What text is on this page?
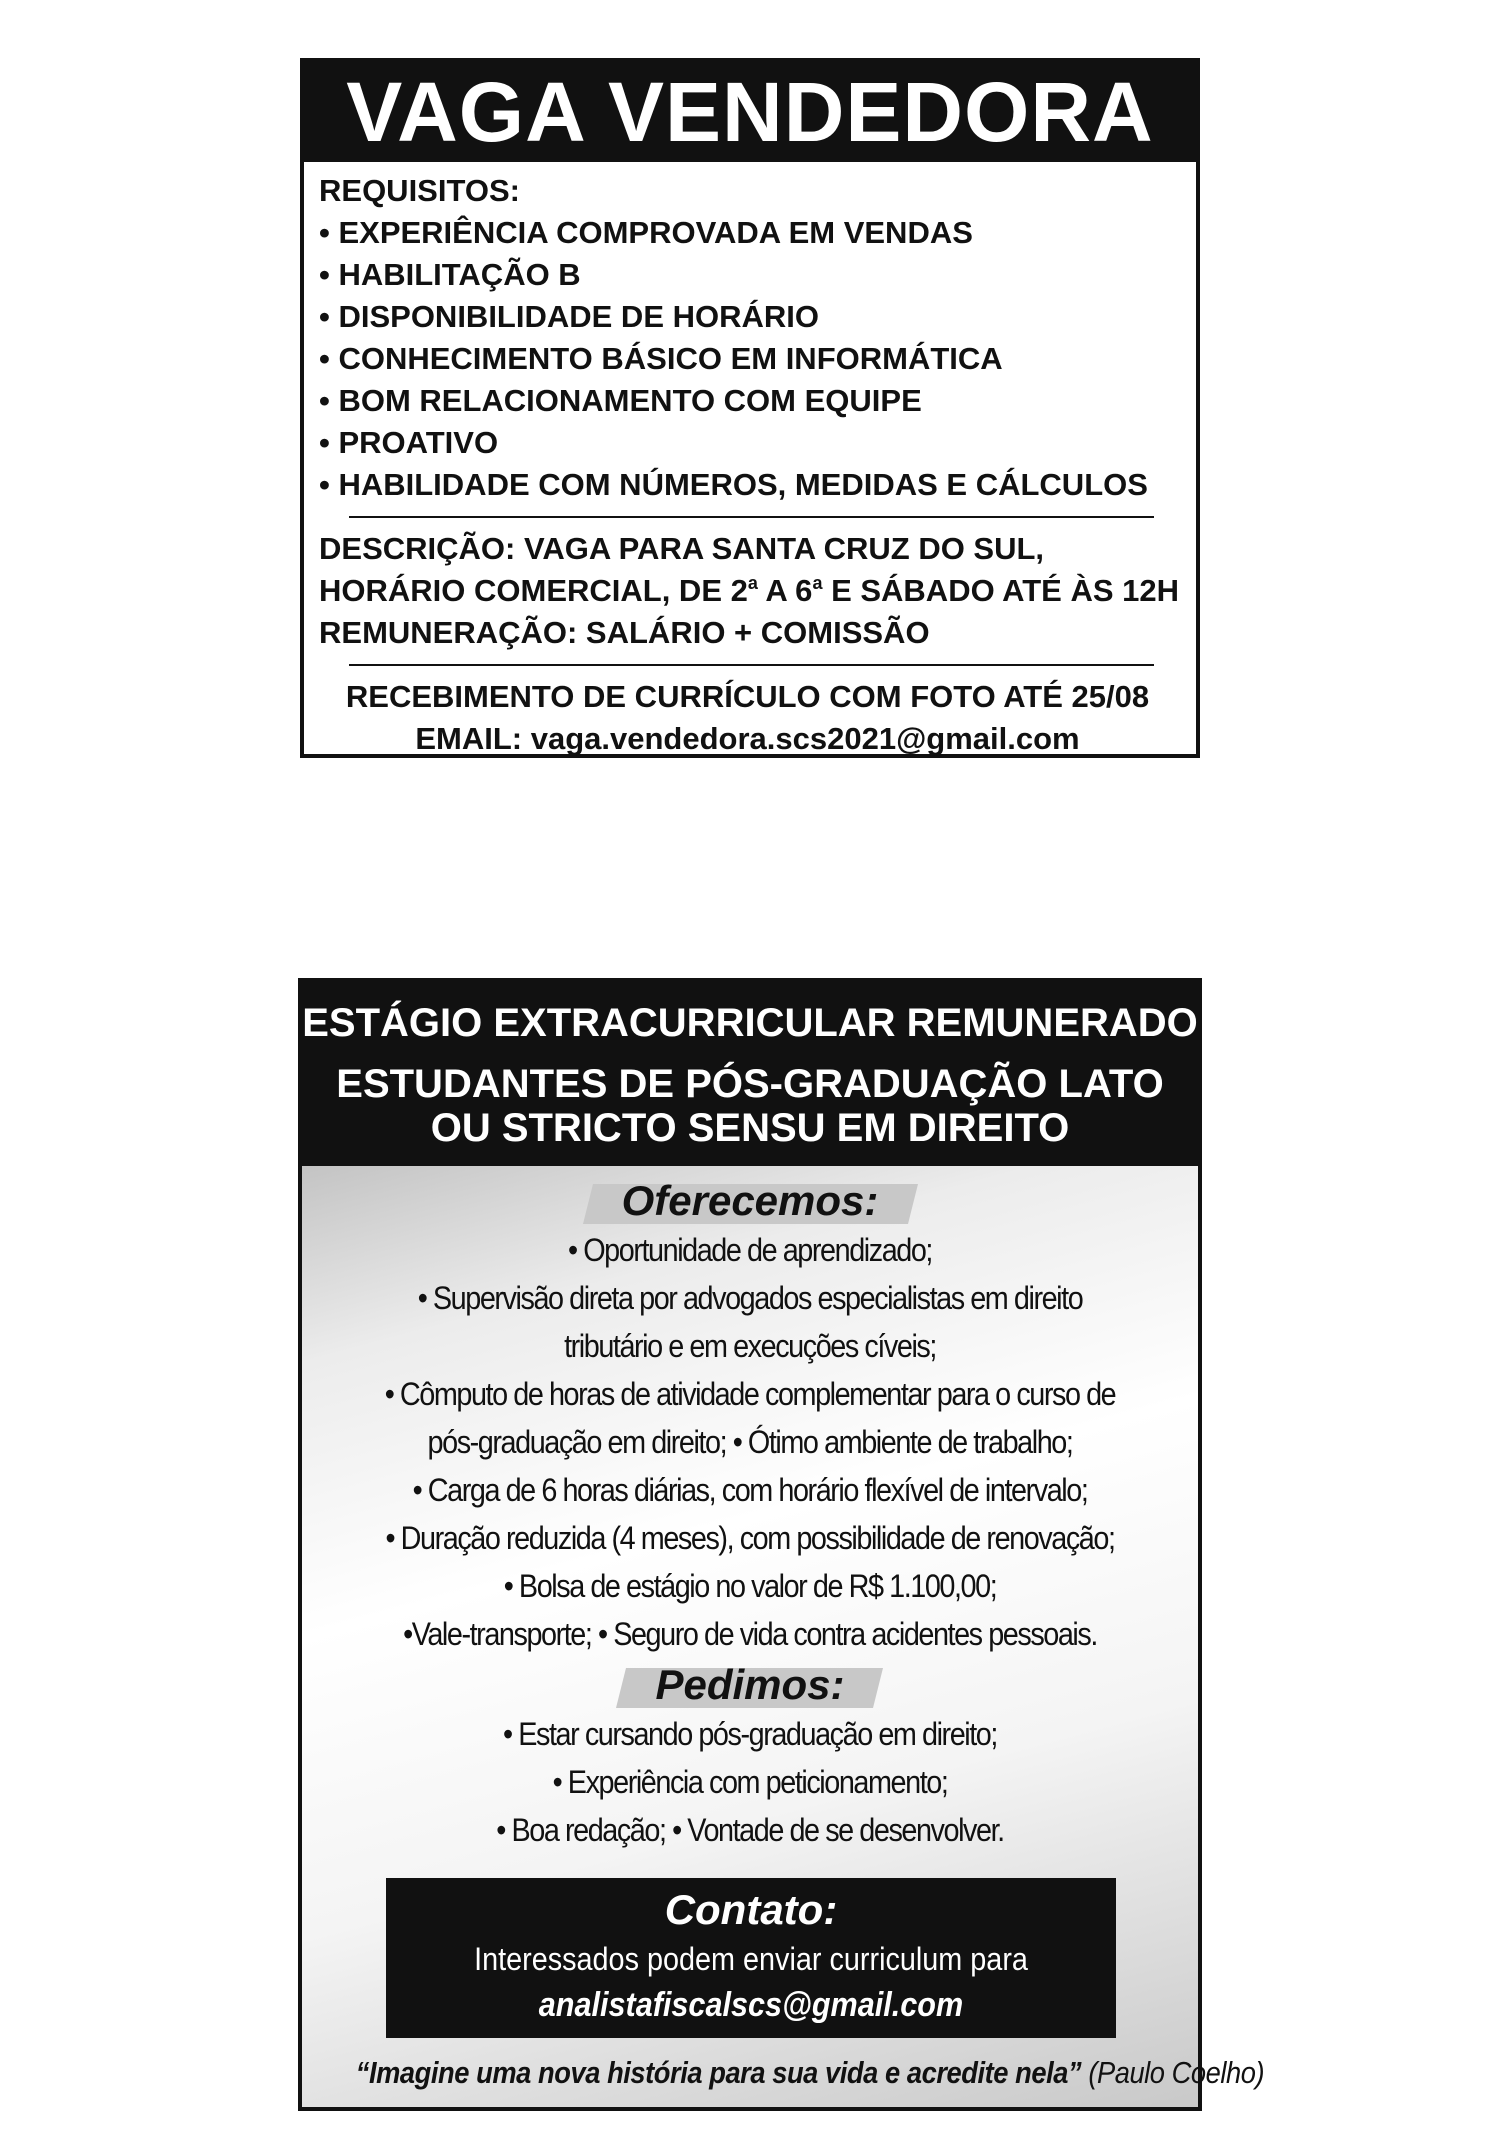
VAGA VENDEDORA
REQUISITOS:
• EXPERIÊNCIA COMPROVADA EM VENDAS
• HABILITAÇÃO B
• DISPONIBILIDADE DE HORÁRIO
• CONHECIMENTO BÁSICO EM INFORMÁTICA
• BOM RELACIONAMENTO COM EQUIPE
• PROATIVO
• HABILIDADE COM NÚMEROS, MEDIDAS E CÁLCULOS
DESCRIÇÃO: VAGA PARA SANTA CRUZ DO SUL,
HORÁRIO COMERCIAL, DE 2$^a$ A 6$^a$ E SÁBADO ATÉ ÀS 12H
REMUNERAÇÃO: SALÁRIO + COMISSÃO
RECEBIMENTO DE CURRÍCULO COM FOTO ATÉ 25/08
EMAIL: vaga.vendedora.scs2021@gmail.com
ESTÁGIO EXTRACURRICULAR REMUNERADO
ESTUDANTES DE PÓS-GRADUAÇÃO LATO
OU STRICTO SENSU EM DIREITO
Oferecemos:
• Oportunidade de aprendizado;
• Supervisão direta por advogados especialistas em direito
tributário e em execuções cíveis;
• Cômputo de horas de atividade complementar para o curso de
pós-graduação em direito; • Ótimo ambiente de trabalho;
• Carga de 6 horas diárias, com horário flexível de intervalo;
• Duração reduzida (4 meses), com possibilidade de renovação;
• Bolsa de estágio no valor de R$ 1.100,00;
•Vale-transporte; • Seguro de vida contra acidentes pessoais.
Pedimos:
• Estar cursando pós-graduação em direito;
• Experiência com peticionamento;
• Boa redação; • Vontade de se desenvolver.
Contato:
Interessados podem enviar curriculum para
analistafiscalscs@gmail.com
“Imagine uma nova história para sua vida e acredite nela” (Paulo Coelho)
